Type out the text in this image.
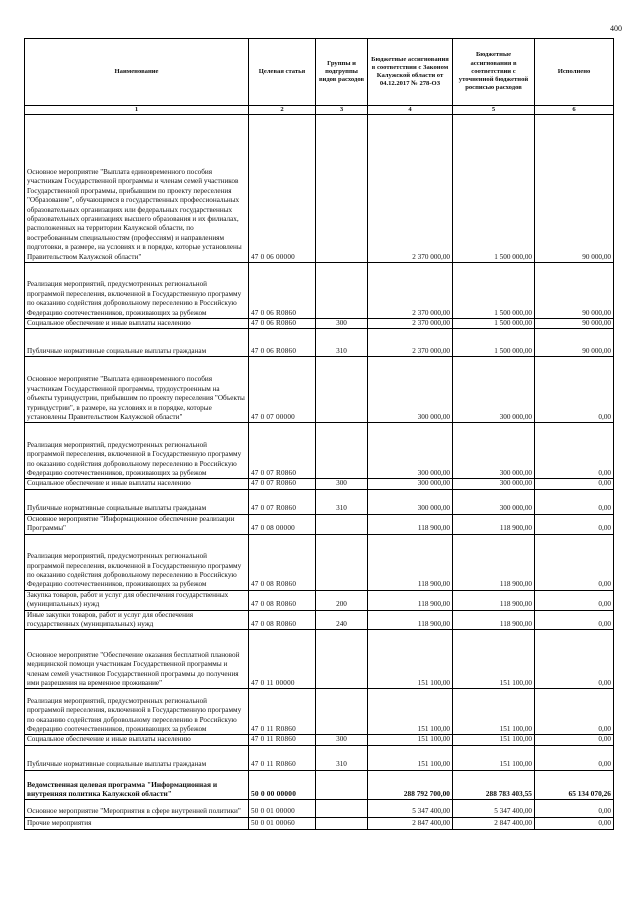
400
Наименование	Целевая статья	Группы и подгруппы видов расходов	Бюджетные ассигнования в соответствии с Законом Калужской области от 04.12.2017 № 278-ОЗ	Бюджетные ассигнования в соответствии с уточненной бюджетной росписью расходов	Исполнено
1	2	3	4	5	6
Основное мероприятие "Выплата единовременного пособия участникам Государственной программы и членам семей участников Государственной программы, прибывшим по проекту переселения "Образование", обучающимся в государственных профессиональных образовательных организациях или федеральных государственных образовательных организациях высшего образования и их филиалах, расположенных на территории Калужской области, по востребованным специальностям (профессиям) и направлениям подготовки, в размере, на условиях и в порядке, которые установлены Правительством Калужской области"	47 0 06 00000		2 370 000,00	1 500 000,00	90 000,00
Реализация мероприятий, предусмотренных региональной программой переселения, включенной в Государственную программу по оказанию содействия добровольному переселению в Российскую Федерацию соотечественников, проживающих за рубежом	47 0 06 R0860		2 370 000,00	1 500 000,00	90 000,00
Социальное обеспечение и иные выплаты населению	47 0 06 R0860	300	2 370 000,00	1 500 000,00	90 000,00
Публичные нормативные социальные выплаты гражданам	47 0 06 R0860	310	2 370 000,00	1 500 000,00	90 000,00
Основное мероприятие "Выплата единовременного пособия участникам Государственной программы, трудоустроенным на объекты туриндустрии, прибывшим по проекту переселения "Объекты туриндустрии", в размере, на условиях и в порядке, которые установлены Правительством Калужской области"	47 0 07 00000		300 000,00	300 000,00	0,00
Реализация мероприятий, предусмотренных региональной программой переселения, включенной в Государственную программу по оказанию содействия добровольному переселению в Российскую Федерацию соотечественников, проживающих за рубежом	47 0 07 R0860		300 000,00	300 000,00	0,00
Социальное обеспечение и иные выплаты населению	47 0 07 R0860	300	300 000,00	300 000,00	0,00
Публичные нормативные социальные выплаты гражданам	47 0 07 R0860	310	300 000,00	300 000,00	0,00
Основное мероприятие "Информационное обеспечение реализации Программы"	47 0 08 00000		118 900,00	118 900,00	0,00
Реализация мероприятий, предусмотренных региональной программой переселения, включенной в Государственную программу по оказанию содействия добровольному переселению в Российскую Федерацию соотечественников, проживающих за рубежом	47 0 08 R0860		118 900,00	118 900,00	0,00
Закупка товаров, работ и услуг для обеспечения государственных (муниципальных) нужд	47 0 08 R0860	200	118 900,00	118 900,00	0,00
Иные закупки товаров, работ и услуг для обеспечения государственных (муниципальных) нужд	47 0 08 R0860	240	118 900,00	118 900,00	0,00
Основное мероприятие "Обеспечение оказания бесплатной плановой медицинской помощи участникам Государственной программы и членам семей участников Государственной программы до получения ими разрешения на временное проживание"	47 0 11 00000		151 100,00	151 100,00	0,00
Реализация мероприятий, предусмотренных региональной программой переселения, включенной в Государственную программу по оказанию содействия добровольному переселению в Российскую Федерацию соотечественников, проживающих за рубежом	47 0 11 R0860		151 100,00	151 100,00	0,00
Социальное обеспечение и иные выплаты населению	47 0 11 R0860	300	151 100,00	151 100,00	0,00
Публичные нормативные социальные выплаты гражданам	47 0 11 R0860	310	151 100,00	151 100,00	0,00
Ведомственная целевая программа "Информационная и внутренняя политика Калужской области"	50 0 00 00000		288 792 700,00	288 783 403,55	65 134 070,26
Основное мероприятие "Мероприятия в сфере внутренней политики"	50 0 01 00000		5 347 400,00	5 347 400,00	0,00
Прочие мероприятия	50 0 01 00060		2 847 400,00	2 847 400,00	0,00
